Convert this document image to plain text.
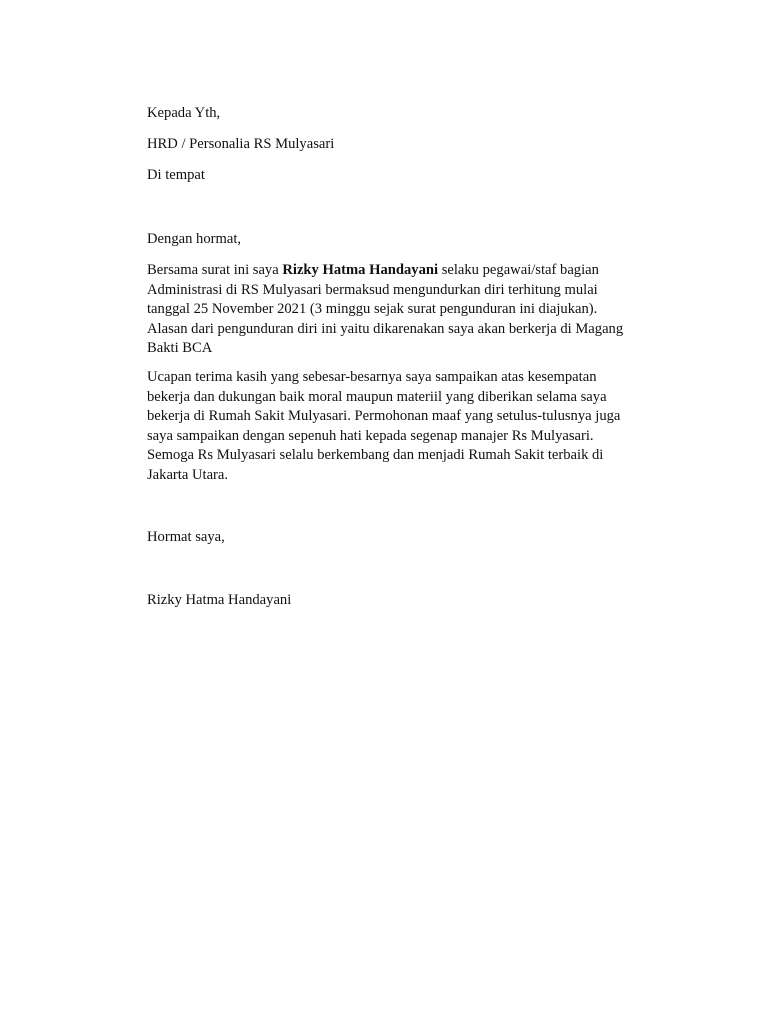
Kepada Yth,
HRD / Personalia RS Mulyasari
Di tempat
Dengan hormat,

Bersama surat ini saya Rizky Hatma Handayani selaku pegawai/staf bagian

Administrasi di RS Mulyasari bermaksud mengundurkan diri terhitung mulai

tanggal 25 November 2021 (3 minggu sejak surat pengunduran ini diajukan).

Alasan dari pengunduran diri ini yaitu dikarenakan saya akan berkerja di Magang

Bakti BCA

Ucapan terima kasih yang sebesar-besarnya saya sampaikan atas kesempatan

bekerja dan dukungan baik moral maupun materiil yang diberikan selama saya

bekerja di Rumah Sakit Mulyasari. Permohonan maaf yang setulus-tulusnya juga

saya sampaikan dengan sepenuh hati kepada segenap manajer Rs Mulyasari.

Semoga Rs Mulyasari selalu berkembang dan menjadi Rumah Sakit terbaik di

Jakarta Utara.

Hormat saya,
Rizky Hatma Handayani
